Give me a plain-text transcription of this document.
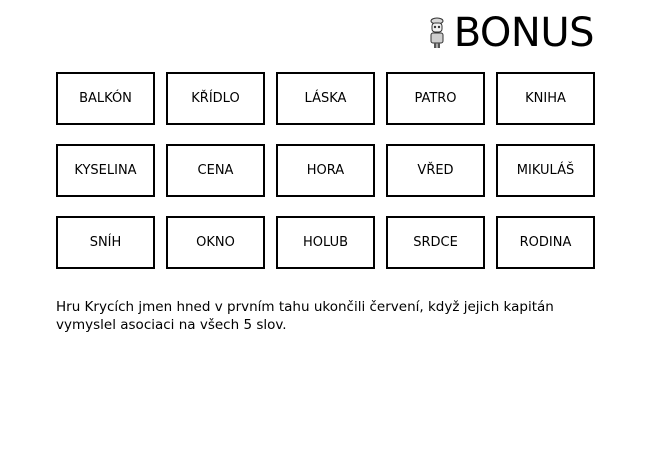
BONUS
BALKÓN	KŘÍDLO	LÁSKA	PATRO	KNIHA
KYSELINA	CENA	HORA	VŘED	MIKULÁŠ
SNÍH	OKNO	HOLUB	SRDCE	RODINA

Hru Krycích jmen hned v prvním tahu ukončili červení, když jejich kapitán vymyslel asociaci na všech 5 slov.
